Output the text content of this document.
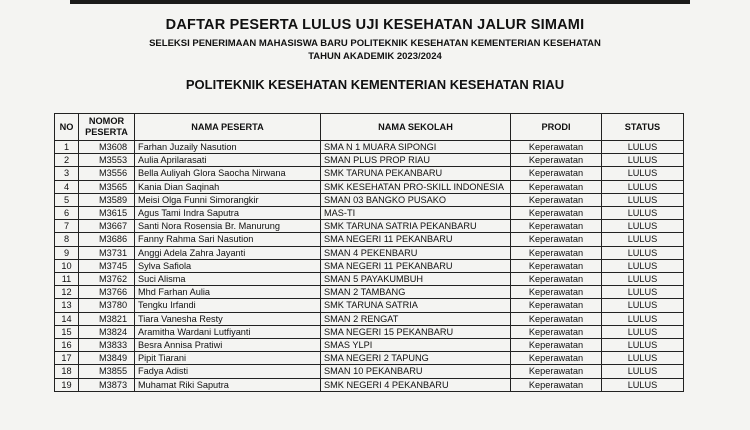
DAFTAR PESERTA LULUS UJI KESEHATAN JALUR SIMAMI
SELEKSI PENERIMAAN MAHASISWA BARU POLITEKNIK KESEHATAN KEMENTERIAN KESEHATAN
TAHUN AKADEMIK 2023/2024
POLITEKNIK KESEHATAN KEMENTERIAN KESEHATAN RIAU
NO	NOMOR PESERTA	NAMA PESERTA	NAMA SEKOLAH	PRODI	STATUS
1	M3608	Farhan Juzaily Nasution	SMA N 1 MUARA SIPONGI	Keperawatan	LULUS
2	M3553	Aulia Aprilarasati	SMAN PLUS PROP RIAU	Keperawatan	LULUS
3	M3556	Bella Auliyah Glora Saocha Nirwana	SMK TARUNA PEKANBARU	Keperawatan	LULUS
4	M3565	Kania Dian Saqinah	SMK KESEHATAN PRO-SKILL INDONESIA	Keperawatan	LULUS
5	M3589	Meisi Olga Funni Simorangkir	SMAN 03 BANGKO PUSAKO	Keperawatan	LULUS
6	M3615	Agus Tami Indra Saputra	MAS-TI	Keperawatan	LULUS
7	M3667	Santi Nora Rosensia Br. Manurung	SMK TARUNA SATRIA PEKANBARU	Keperawatan	LULUS
8	M3686	Fanny Rahma Sari Nasution	SMA NEGERI 11 PEKANBARU	Keperawatan	LULUS
9	M3731	Anggi Adela Zahra Jayanti	SMAN 4 PEKENBARU	Keperawatan	LULUS
10	M3745	Sylva Safiola	SMA NEGERI 11 PEKANBARU	Keperawatan	LULUS
11	M3762	Suci Alisma	SMAN 5 PAYAKUMBUH	Keperawatan	LULUS
12	M3766	Mhd Farhan Aulia	SMAN 2 TAMBANG	Keperawatan	LULUS
13	M3780	Tengku Irfandi	SMK TARUNA SATRIA	Keperawatan	LULUS
14	M3821	Tiara Vanesha Resty	SMAN 2 RENGAT	Keperawatan	LULUS
15	M3824	Aramitha Wardani Lutfiyanti	SMA NEGERI 15 PEKANBARU	Keperawatan	LULUS
16	M3833	Besra Annisa Pratiwi	SMAS YLPI	Keperawatan	LULUS
17	M3849	Pipit Tiarani	SMA NEGERI 2 TAPUNG	Keperawatan	LULUS
18	M3855	Fadya Adisti	SMAN 10 PEKANBARU	Keperawatan	LULUS
19	M3873	Muhamat Riki Saputra	SMK NEGERI 4 PEKANBARU	Keperawatan	LULUS
